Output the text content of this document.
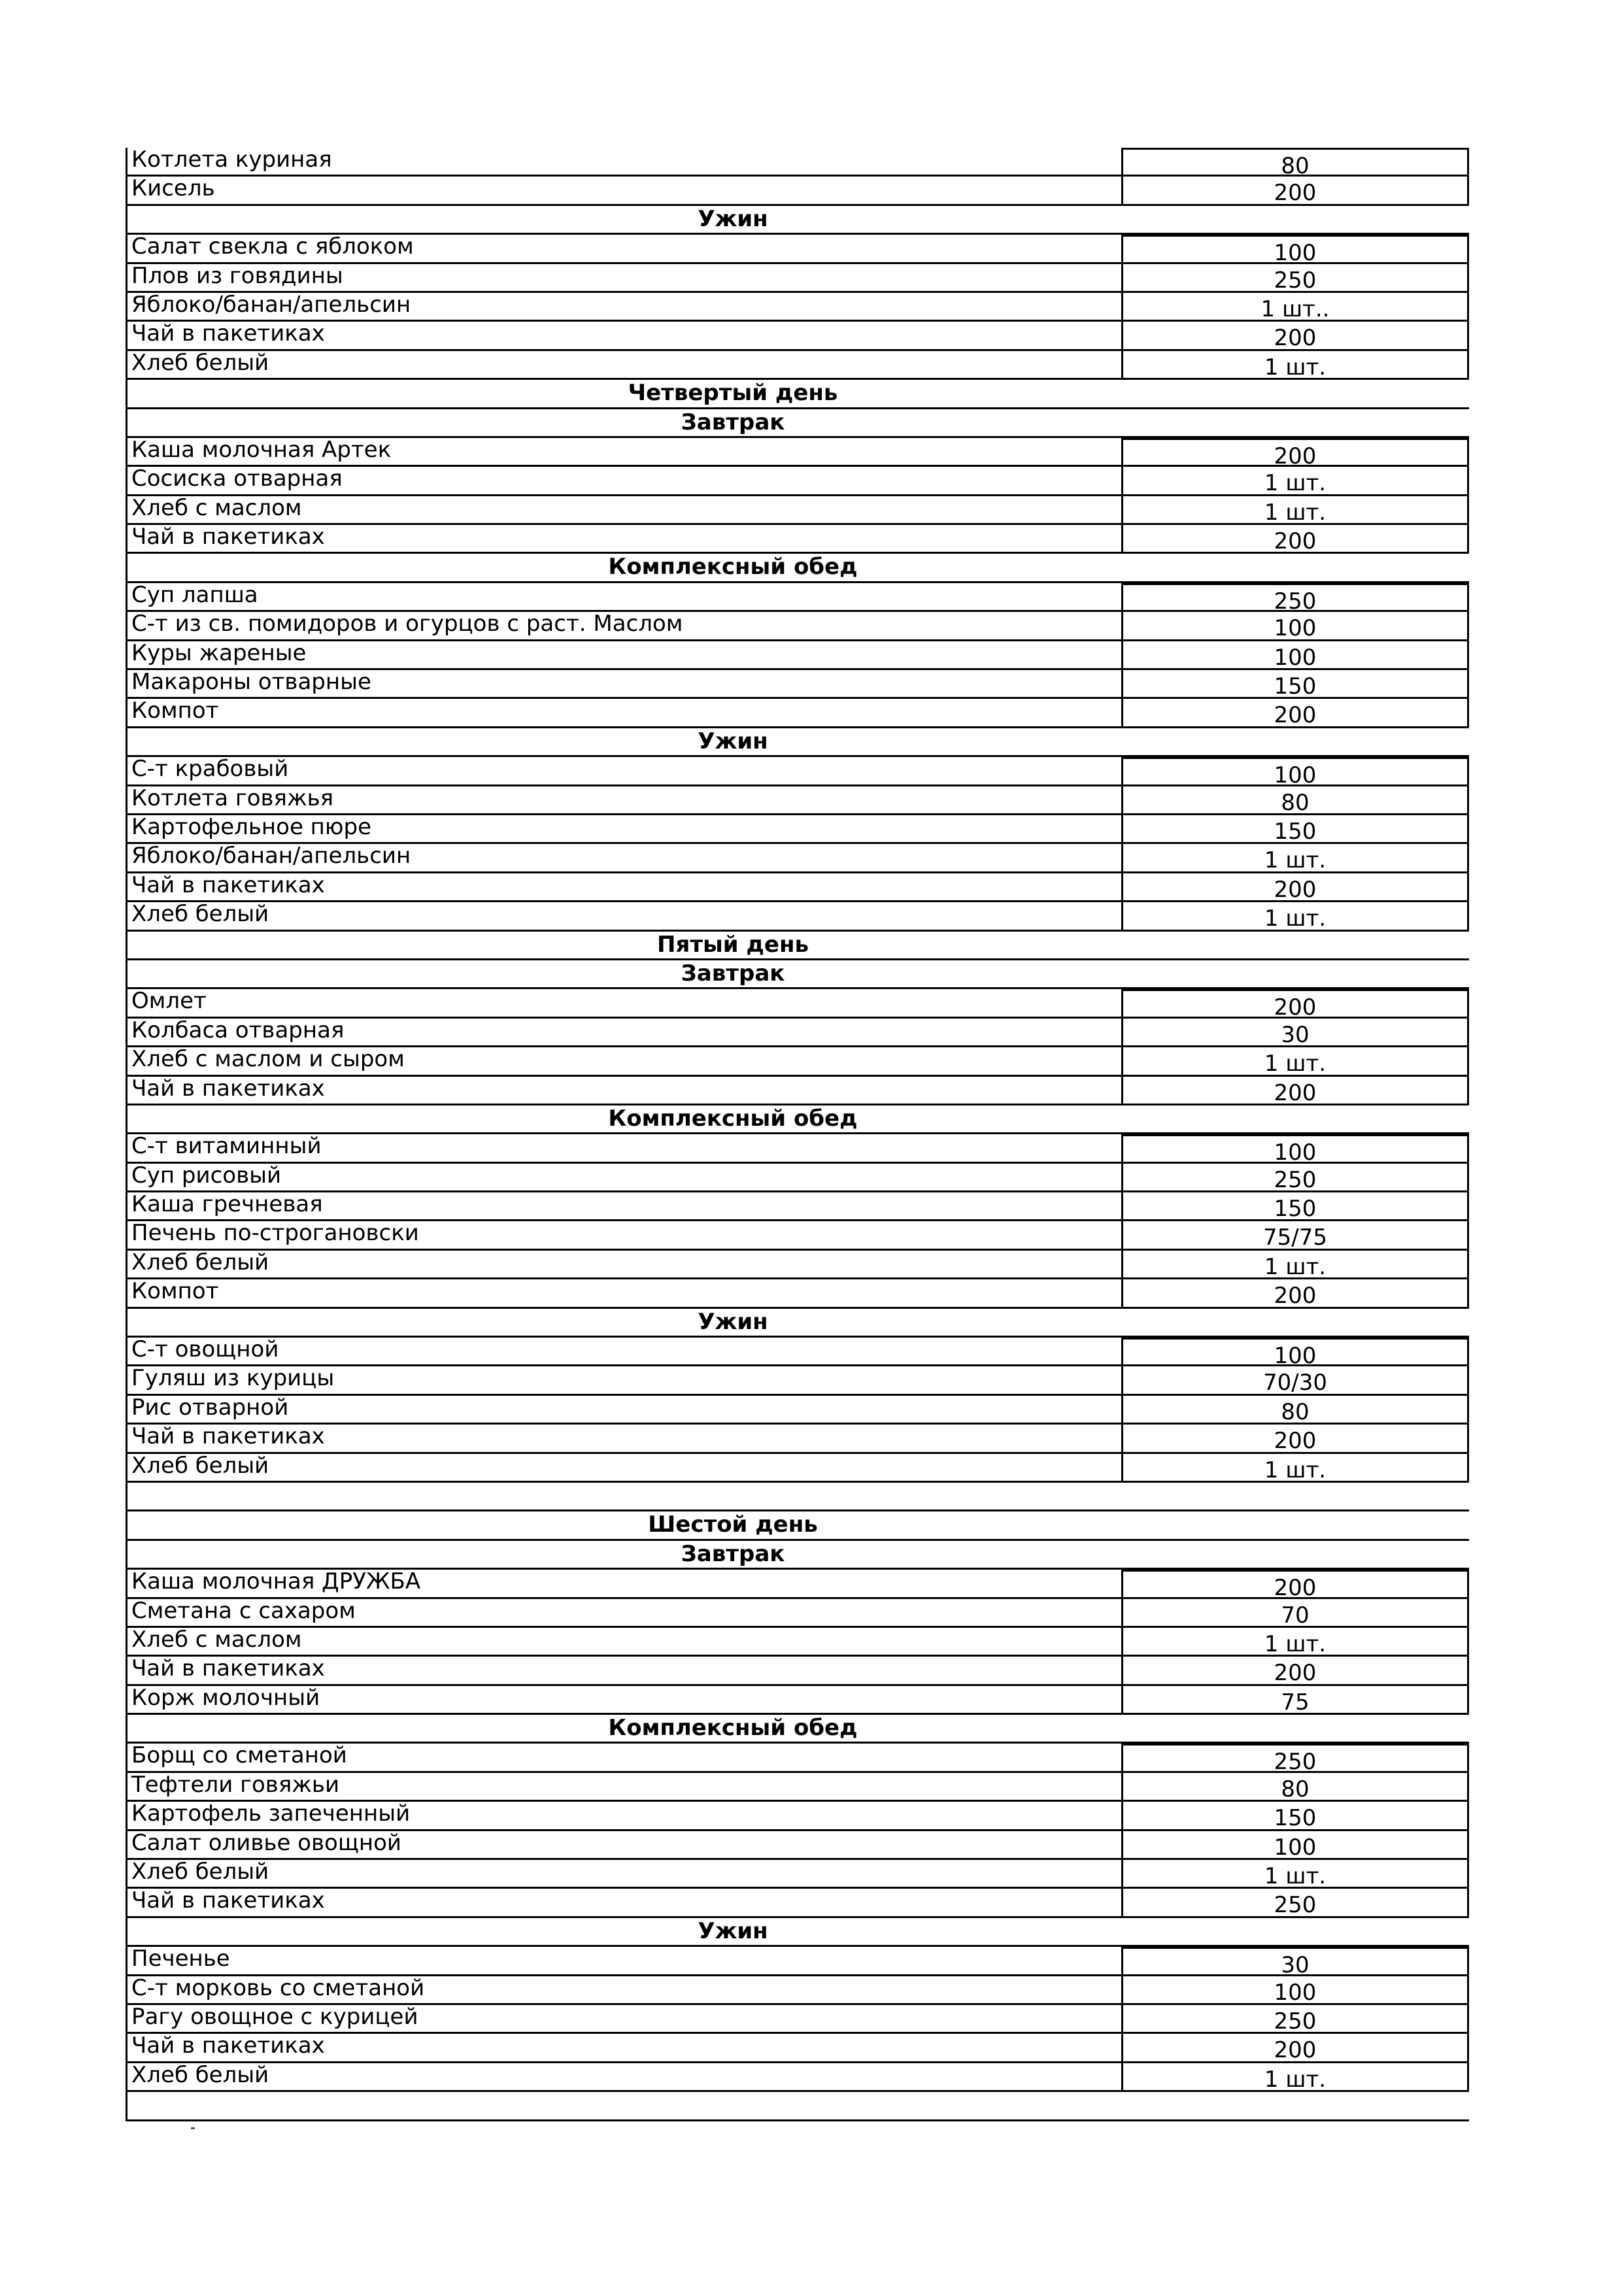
Котлета куриная	80
Кисель	200
Ужин
Салат свекла с яблоком	100
Плов из говядины	250
Яблоко/банан/апельсин	1 шт..
Чай в пакетиках	200
Хлеб белый	1 шт.
Четвертый день
Завтрак
Каша молочная Артек	200
Сосиска отварная	1 шт.
Хлеб с маслом	1 шт.
Чай в пакетиках	200
Комплексный обед
Суп лапша	250
С-т из св. помидоров и огурцов с раст. Маслом	100
Куры жареные	100
Макароны отварные	150
Компот	200
Ужин
С-т крабовый	100
Котлета говяжья	80
Картофельное пюре	150
Яблоко/банан/апельсин	1 шт.
Чай в пакетиках	200
Хлеб белый	1 шт.
Пятый день
Завтрак
Омлет	200
Колбаса отварная	30
Хлеб с маслом и сыром	1 шт.
Чай в пакетиках	200
Комплексный обед
С-т витаминный	100
Суп рисовый	250
Каша гречневая	150
Печень по-строгановски	75/75
Хлеб белый	1 шт.
Компот	200
Ужин
С-т овощной	100
Гуляш из курицы	70/30
Рис отварной	80
Чай в пакетиках	200
Хлеб белый	1 шт.
Шестой день
Завтрак
Каша молочная ДРУЖБА	200
Сметана с сахаром	70
Хлеб с маслом	1 шт.
Чай в пакетиках	200
Корж молочный	75
Комплексный обед
Борщ со сметаной	250
Тефтели говяжьи	80
Картофель запеченный	150
Салат оливье овощной	100
Хлеб белый	1 шт.
Чай в пакетиках	250
Ужин
Печенье	30
С-т морковь со сметаной	100
Рагу овощное с курицей	250
Чай в пакетиках	200
Хлеб белый	1 шт.
